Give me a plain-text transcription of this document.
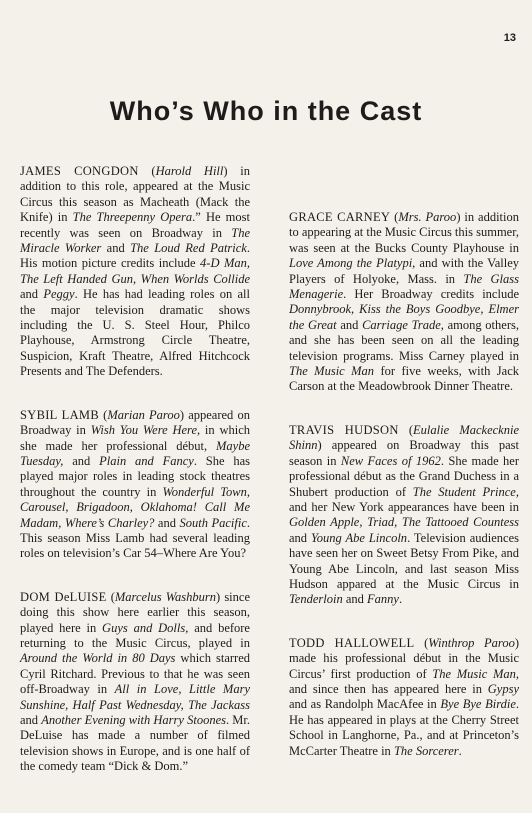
13
Who’s Who in the Cast

JAMES CONGDON (Harold Hill) in addition to this role, appeared at the Music Circus this season as Macheath (Mack the Knife) in The Threepenny Opera.” He most recently was seen on Broadway in The Miracle Worker and The Loud Red Patrick. His motion picture credits include 4-D Man, The Left Handed Gun, When Worlds Collide and Peggy. He has had leading roles on all the major television dramatic shows including the U. S. Steel Hour, Philco Playhouse, Armstrong Circle Theatre, Suspicion, Kraft Theatre, Alfred Hitchcock Presents and The Defenders.

SYBIL LAMB (Marian Paroo) appeared on Broadway in Wish You Were Here, in which she made her professional début, Maybe Tuesday, and Plain and Fancy. She has played major roles in leading stock theatres throughout the country in Wonderful Town, Carousel, Brigadoon, Oklahoma! Call Me Madam, Where’s Charley? and South Pacific. This season Miss Lamb had several leading roles on television’s Car 54–Where Are You?

DOM DeLUISE (Marcelus Washburn) since doing this show here earlier this season, played here in Guys and Dolls, and before returning to the Music Circus, played in Around the World in 80 Days which starred Cyril Ritchard. Previous to that he was seen off-Broadway in All in Love, Little Mary Sunshine, Half Past Wednesday, The Jackass and Another Evening with Harry Stoones. Mr. DeLuise has made a number of filmed television shows in Europe, and is one half of the comedy team “Dick & Dom.”

GRACE CARNEY (Mrs. Paroo) in addition to appearing at the Music Circus this summer, was seen at the Bucks County Playhouse in Love Among the Platypi, and with the Valley Players of Holyoke, Mass. in The Glass Menagerie. Her Broadway credits include Donnybrook, Kiss the Boys Goodbye, Elmer the Great and Carriage Trade, among others, and she has been seen on all the leading television programs. Miss Carney played in The Music Man for five weeks, with Jack Carson at the Meadowbrook Dinner Theatre.

TRAVIS HUDSON (Eulalie Mackecknie Shinn) appeared on Broadway this past season in New Faces of 1962. She made her professional début as the Grand Duchess in a Shubert production of The Student Prince, and her New York appearances have been in Golden Apple, Triad, The Tattooed Countess and Young Abe Lincoln. Television audiences have seen her on Sweet Betsy From Pike, and Young Abe Lincoln, and last season Miss Hudson appared at the Music Circus in Tenderloin and Fanny.

TODD HALLOWELL (Winthrop Paroo) made his professional début in the Music Circus’ first production of The Music Man, and since then has appeared here in Gypsy and as Randolph MacAfee in Bye Bye Birdie. He has appeared in plays at the Cherry Street School in Langhorne, Pa., and at Princeton’s McCarter Theatre in The Sorcerer.
